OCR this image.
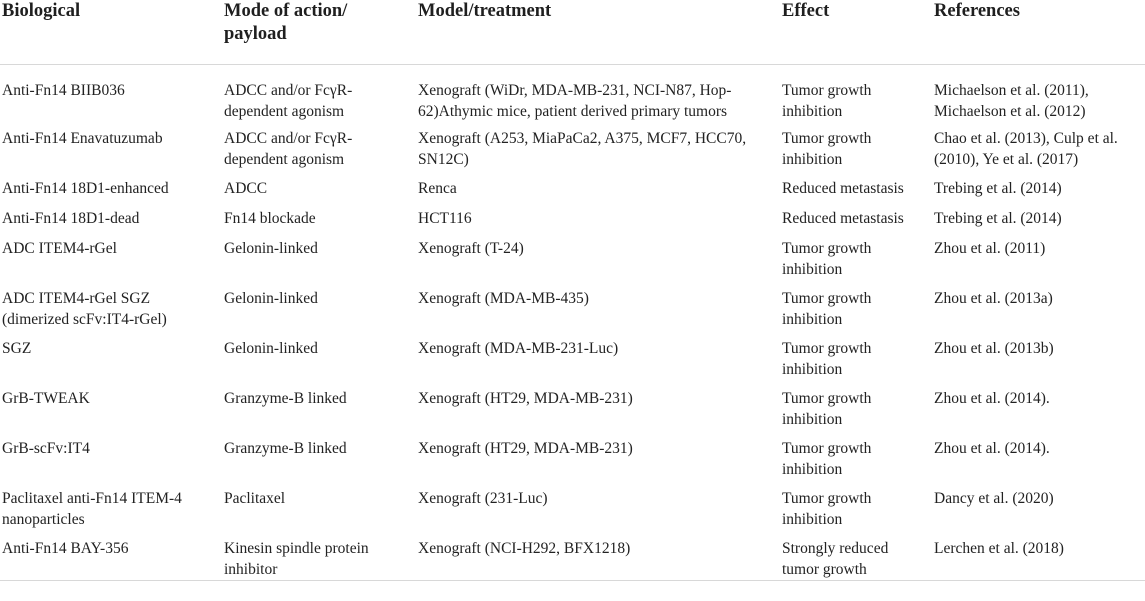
Biological	Mode of action/ payload	Model/treatment	Effect	References
Anti-Fn14 BIIB036	ADCC and/or FcγR-dependent agonism	Xenograft (WiDr, MDA-MB-231, NCI-N87, Hop-62)Athymic mice, patient derived primary tumors	Tumor growth inhibition	Michaelson et al. (2011), Michaelson et al. (2012)
Anti-Fn14 Enavatuzumab	ADCC and/or FcγR-dependent agonism	Xenograft (A253, MiaPaCa2, A375, MCF7, HCC70, SN12C)	Tumor growth inhibition	Chao et al. (2013), Culp et al. (2010), Ye et al. (2017)
Anti-Fn14 18D1-enhanced	ADCC	Renca	Reduced metastasis	Trebing et al. (2014)
Anti-Fn14 18D1-dead	Fn14 blockade	HCT116	Reduced metastasis	Trebing et al. (2014)
ADC ITEM4-rGel	Gelonin-linked	Xenograft (T-24)	Tumor growth inhibition	Zhou et al. (2011)
ADC ITEM4-rGel SGZ (dimerized scFv:IT4-rGel)	Gelonin-linked	Xenograft (MDA-MB-435)	Tumor growth inhibition	Zhou et al. (2013a)
SGZ	Gelonin-linked	Xenograft (MDA-MB-231-Luc)	Tumor growth inhibition	Zhou et al. (2013b)
GrB-TWEAK	Granzyme-B linked	Xenograft (HT29, MDA-MB-231)	Tumor growth inhibition	Zhou et al. (2014).
GrB-scFv:IT4	Granzyme-B linked	Xenograft (HT29, MDA-MB-231)	Tumor growth inhibition	Zhou et al. (2014).
Paclitaxel anti-Fn14 ITEM-4 nanoparticles	Paclitaxel	Xenograft (231-Luc)	Tumor growth inhibition	Dancy et al. (2020)
Anti-Fn14 BAY-356	Kinesin spindle protein inhibitor	Xenograft (NCI-H292, BFX1218)	Strongly reduced tumor growth	Lerchen et al. (2018)
